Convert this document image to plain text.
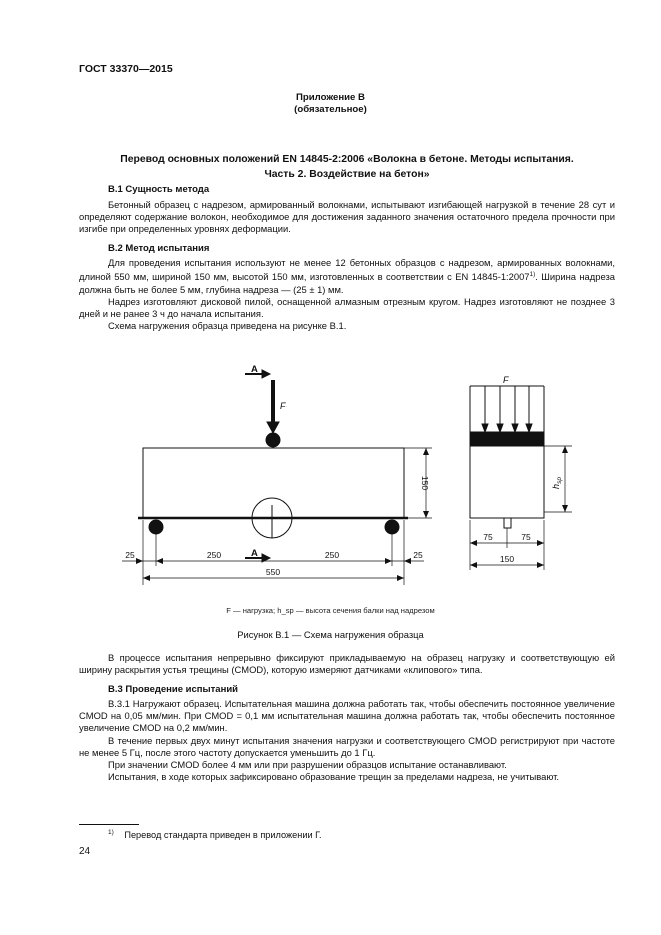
ГОСТ 33370—2015
Приложение В
(обязательное)
Перевод основных положений EN 14845-2:2006 «Волокна в бетоне. Методы испытания.
Часть 2. Воздействие на бетон»
В.1 Сущность метода

Бетонный образец с надрезом, армированный волокнами, испытывают изгибающей нагрузкой в течение 28 сут и определяют содержание волокон, необходимое для достижения заданного значения остаточного предела прочности при изгибе при определенных уровнях деформации.

В.2 Метод испытания

Для проведения испытания используют не менее 12 бетонных образцов с надрезом, армированных волокнами, длиной 550 мм, шириной 150 мм, высотой 150 мм, изготовленных в соответствии с EN 14845-1:2007$^{1)}$. Ширина надреза должна быть не более 5 мм, глубина надреза — (25 ± 1) мм.

Надрез изготовляют дисковой пилой, оснащенной алмазным отрезным кругом. Надрез изготовляют не позднее 3 дней и не ранее 3 ч до начала испытания.

Схема нагружения образца приведена на рисунке В.1.

А
А
F
F
150
25	250	250	25
550
75	75
150
$h_{sp}$
F — нагрузка; h_sp — высота сечения балки над надрезом
Рисунок В.1 — Схема нагружения образца

В процессе испытания непрерывно фиксируют прикладываемую на образец нагрузку и соответствующую ей ширину раскрытия устья трещины (CMOD), которую измеряют датчиками «клипового» типа.

В.3 Проведение испытаний

В.3.1 Нагружают образец. Испытательная машина должна работать так, чтобы обеспечить постоянное увеличение CMOD на 0,05 мм/мин. При CMOD = 0,1 мм испытательная машина должна работать так, чтобы обеспечить постоянное увеличение CMOD на 0,2 мм/мин.

В течение первых двух минут испытания значения нагрузки и соответствующего CMOD регистрируют при частоте не менее 5 Гц, после этого частоту допускается уменьшить до 1 Гц.

При значении CMOD более 4 мм или при разрушении образцов испытание останавливают.

Испытания, в ходе которых зафиксировано образование трещин за пределами надреза, не учитывают.

$^{1)}$ Перевод стандарта приведен в приложении Г.
24
